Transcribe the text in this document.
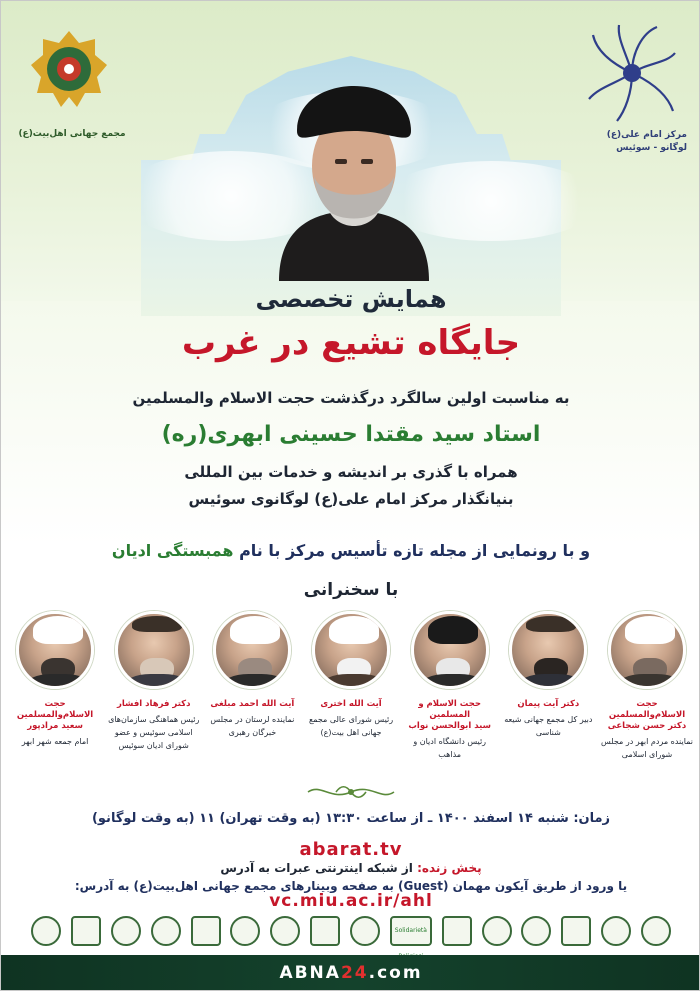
مجمع جهانی اهل‌بیت(ع)	مرکز امام علی(ع)
لوگانو - سوئیس
همایش تخصصی
جایگاه تشیع در غرب
به مناسبت اولین سالگرد درگذشت حجت الاسلام والمسلمین
استاد سید مقتدا حسینی ابهری(ره)
همراه با گذری بر اندیشه و خدمات بین المللی
بنیانگذار مرکز امام علی(ع) لوگانوی سوئیس
و با رونمایی از مجله تازه تأسیس مرکز با نام همبستگی ادیان
با سخنرانی
حجت الاسلام‌والمسلمین
دکتر حسن شجاعی
نماینده مردم ابهر در مجلس شورای اسلامی
دکتر آیت پیمان
دبیر کل مجمع جهانی شیعه شناسی
حجت الاسلام و المسلمین
سید ابوالحسن نواب
رئیس دانشگاه ادیان و مذاهب
آیت الله اختری
رئیس شورای عالی مجمع جهانی اهل بیت(ع)
آیت الله احمد مبلغی
نماینده لرستان در مجلس خبرگان رهبری
دکتر فرهاد افشار
رئیس هماهنگی سازمان‌های اسلامی سوئیس و عضو شورای ادیان سوئیس
حجت الاسلام‌والمسلمین
سعید مرادپور
امام جمعه شهر ابهر
زمان: شنبه ۱۴ اسفند ۱۴۰۰ ـ از ساعت ۱۳:۳۰ (به وقت تهران) ۱۱ (به وقت لوگانو)
abarat.tv
پخش زنده: از شبکه اینترنتی عبرات به آدرس
یا ورود از طریق آیکون مهمان (Guest) به صفحه وبینارهای مجمع جهانی اهل‌بیت(ع) به آدرس:
vc.miu.ac.ir/ahl
Solidarietà
ABNA24.com
